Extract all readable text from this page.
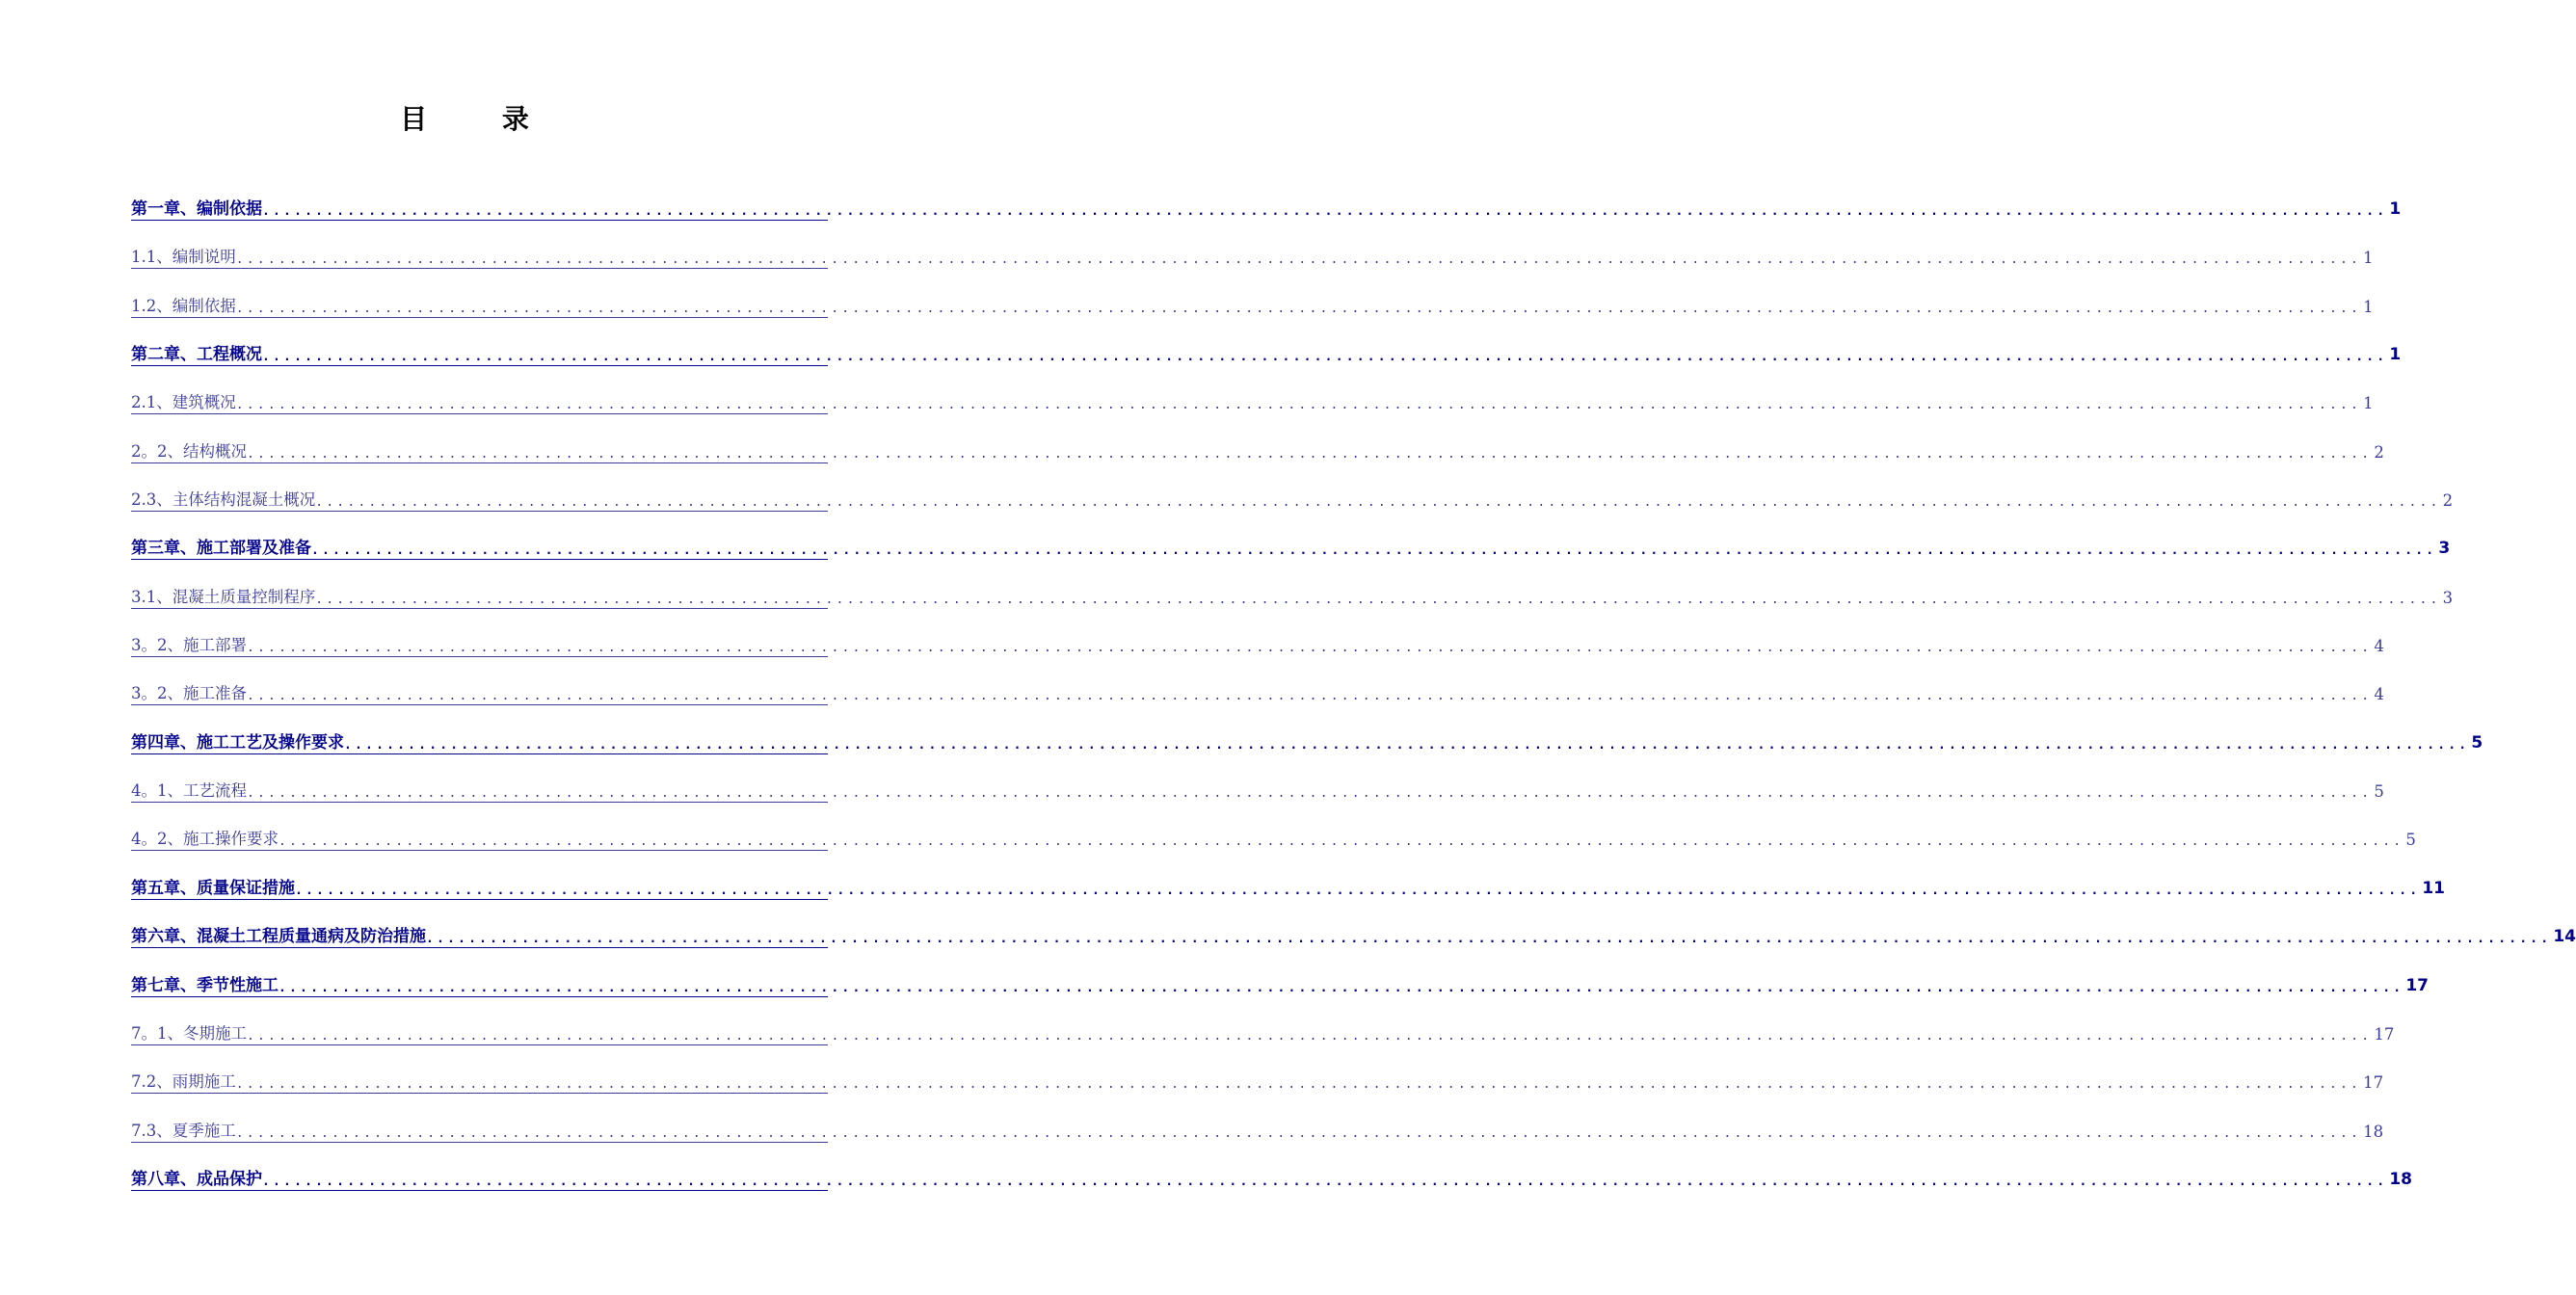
目 录
第一章、编制依据 ........................................................................................................................................................................................................ 1
1.1、编制说明 ........................................................................................................................................................................................................ 1
1.2、编制依据 ........................................................................................................................................................................................................ 1
第二章、工程概况 ........................................................................................................................................................................................................ 1
2.1、建筑概况 ........................................................................................................................................................................................................ 1
2。2、结构概况 ........................................................................................................................................................................................................ 2
2.3、主体结构混凝土概况 ........................................................................................................................................................................................................ 2
第三章、施工部署及准备 ........................................................................................................................................................................................................ 3
3.1、混凝土质量控制程序 ........................................................................................................................................................................................................ 3
3。2、施工部署 ........................................................................................................................................................................................................ 4
3。2、施工准备 ........................................................................................................................................................................................................ 4
第四章、施工工艺及操作要求 ........................................................................................................................................................................................................ 5
4。1、工艺流程 ........................................................................................................................................................................................................ 5
4。2、施工操作要求 ........................................................................................................................................................................................................ 5
第五章、质量保证措施 ........................................................................................................................................................................................................ 11
第六章、混凝土工程质量通病及防治措施 ........................................................................................................................................................................................................ 14
第七章、季节性施工 ........................................................................................................................................................................................................ 17
7。1、冬期施工 ........................................................................................................................................................................................................ 17
7.2、雨期施工 ........................................................................................................................................................................................................ 17
7.3、夏季施工 ........................................................................................................................................................................................................ 18
第八章、成品保护 ........................................................................................................................................................................................................ 18
